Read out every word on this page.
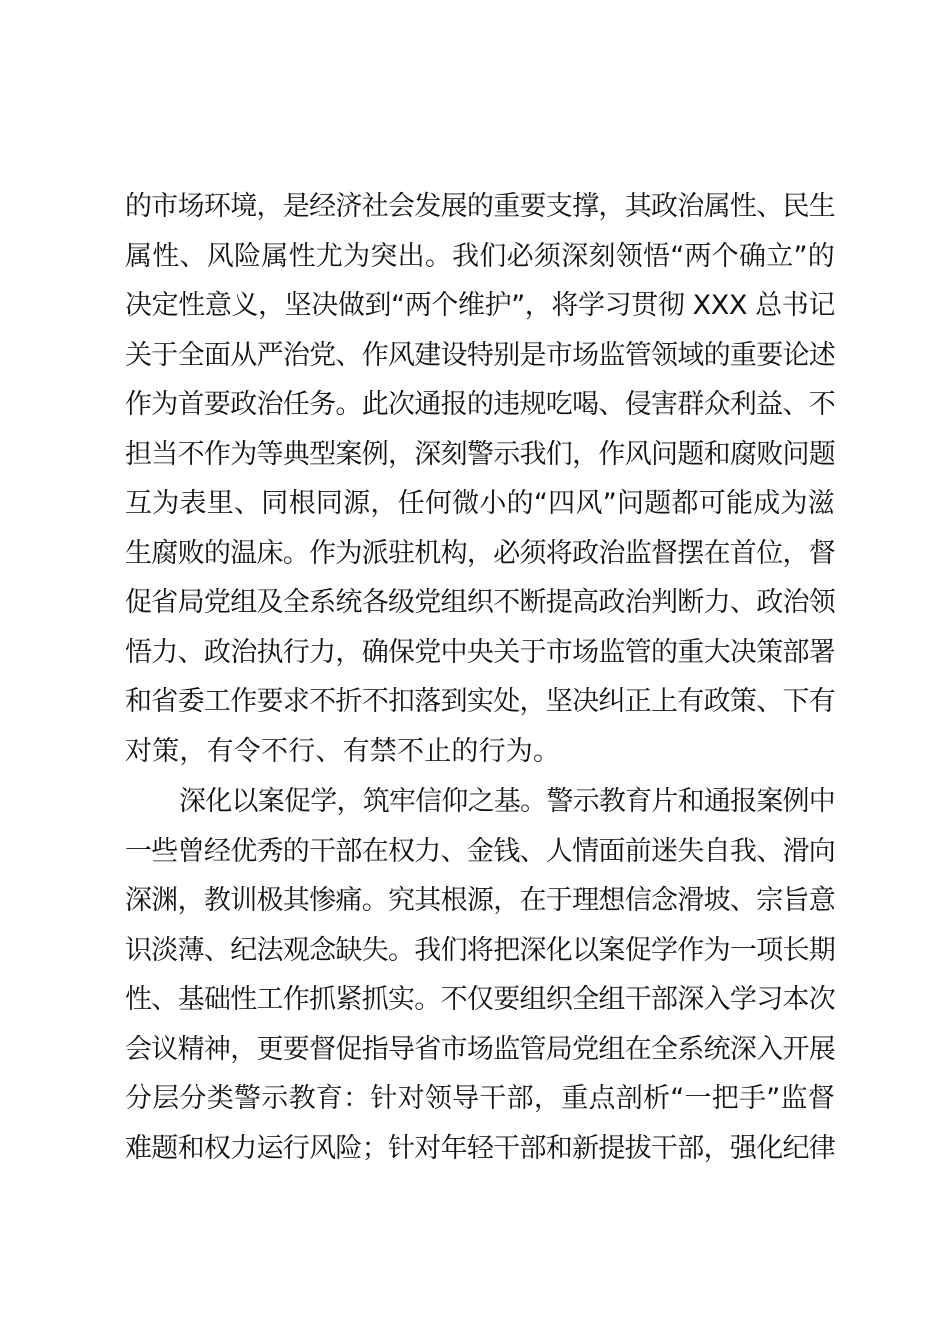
的市场环境，是经济社会发展的重要支撑，其政治属性、民生
属性、风险属性尤为突出。我们必须深刻领悟“两个确立”的
决定性意义，坚决做到“两个维护”，将学习贯彻 XXX 总书记
关于全面从严治党、作风建设特别是市场监管领域的重要论述
作为首要政治任务。此次通报的违规吃喝、侵害群众利益、不
担当不作为等典型案例，深刻警示我们，作风问题和腐败问题
互为表里、同根同源，任何微小的“四风”问题都可能成为滋
生腐败的温床。作为派驻机构，必须将政治监督摆在首位，督
促省局党组及全系统各级党组织不断提高政治判断力、政治领
悟力、政治执行力，确保党中央关于市场监管的重大决策部署
和省委工作要求不折不扣落到实处，坚决纠正上有政策、下有
对策，有令不行、有禁不止的行为。
深化以案促学，筑牢信仰之基。警示教育片和通报案例中
一些曾经优秀的干部在权力、金钱、人情面前迷失自我、滑向
深渊，教训极其惨痛。究其根源，在于理想信念滑坡、宗旨意
识淡薄、纪法观念缺失。我们将把深化以案促学作为一项长期
性、基础性工作抓紧抓实。不仅要组织全组干部深入学习本次
会议精神，更要督促指导省市场监管局党组在全系统深入开展
分层分类警示教育：针对领导干部，重点剖析“一把手”监督
难题和权力运行风险；针对年轻干部和新提拔干部，强化纪律
